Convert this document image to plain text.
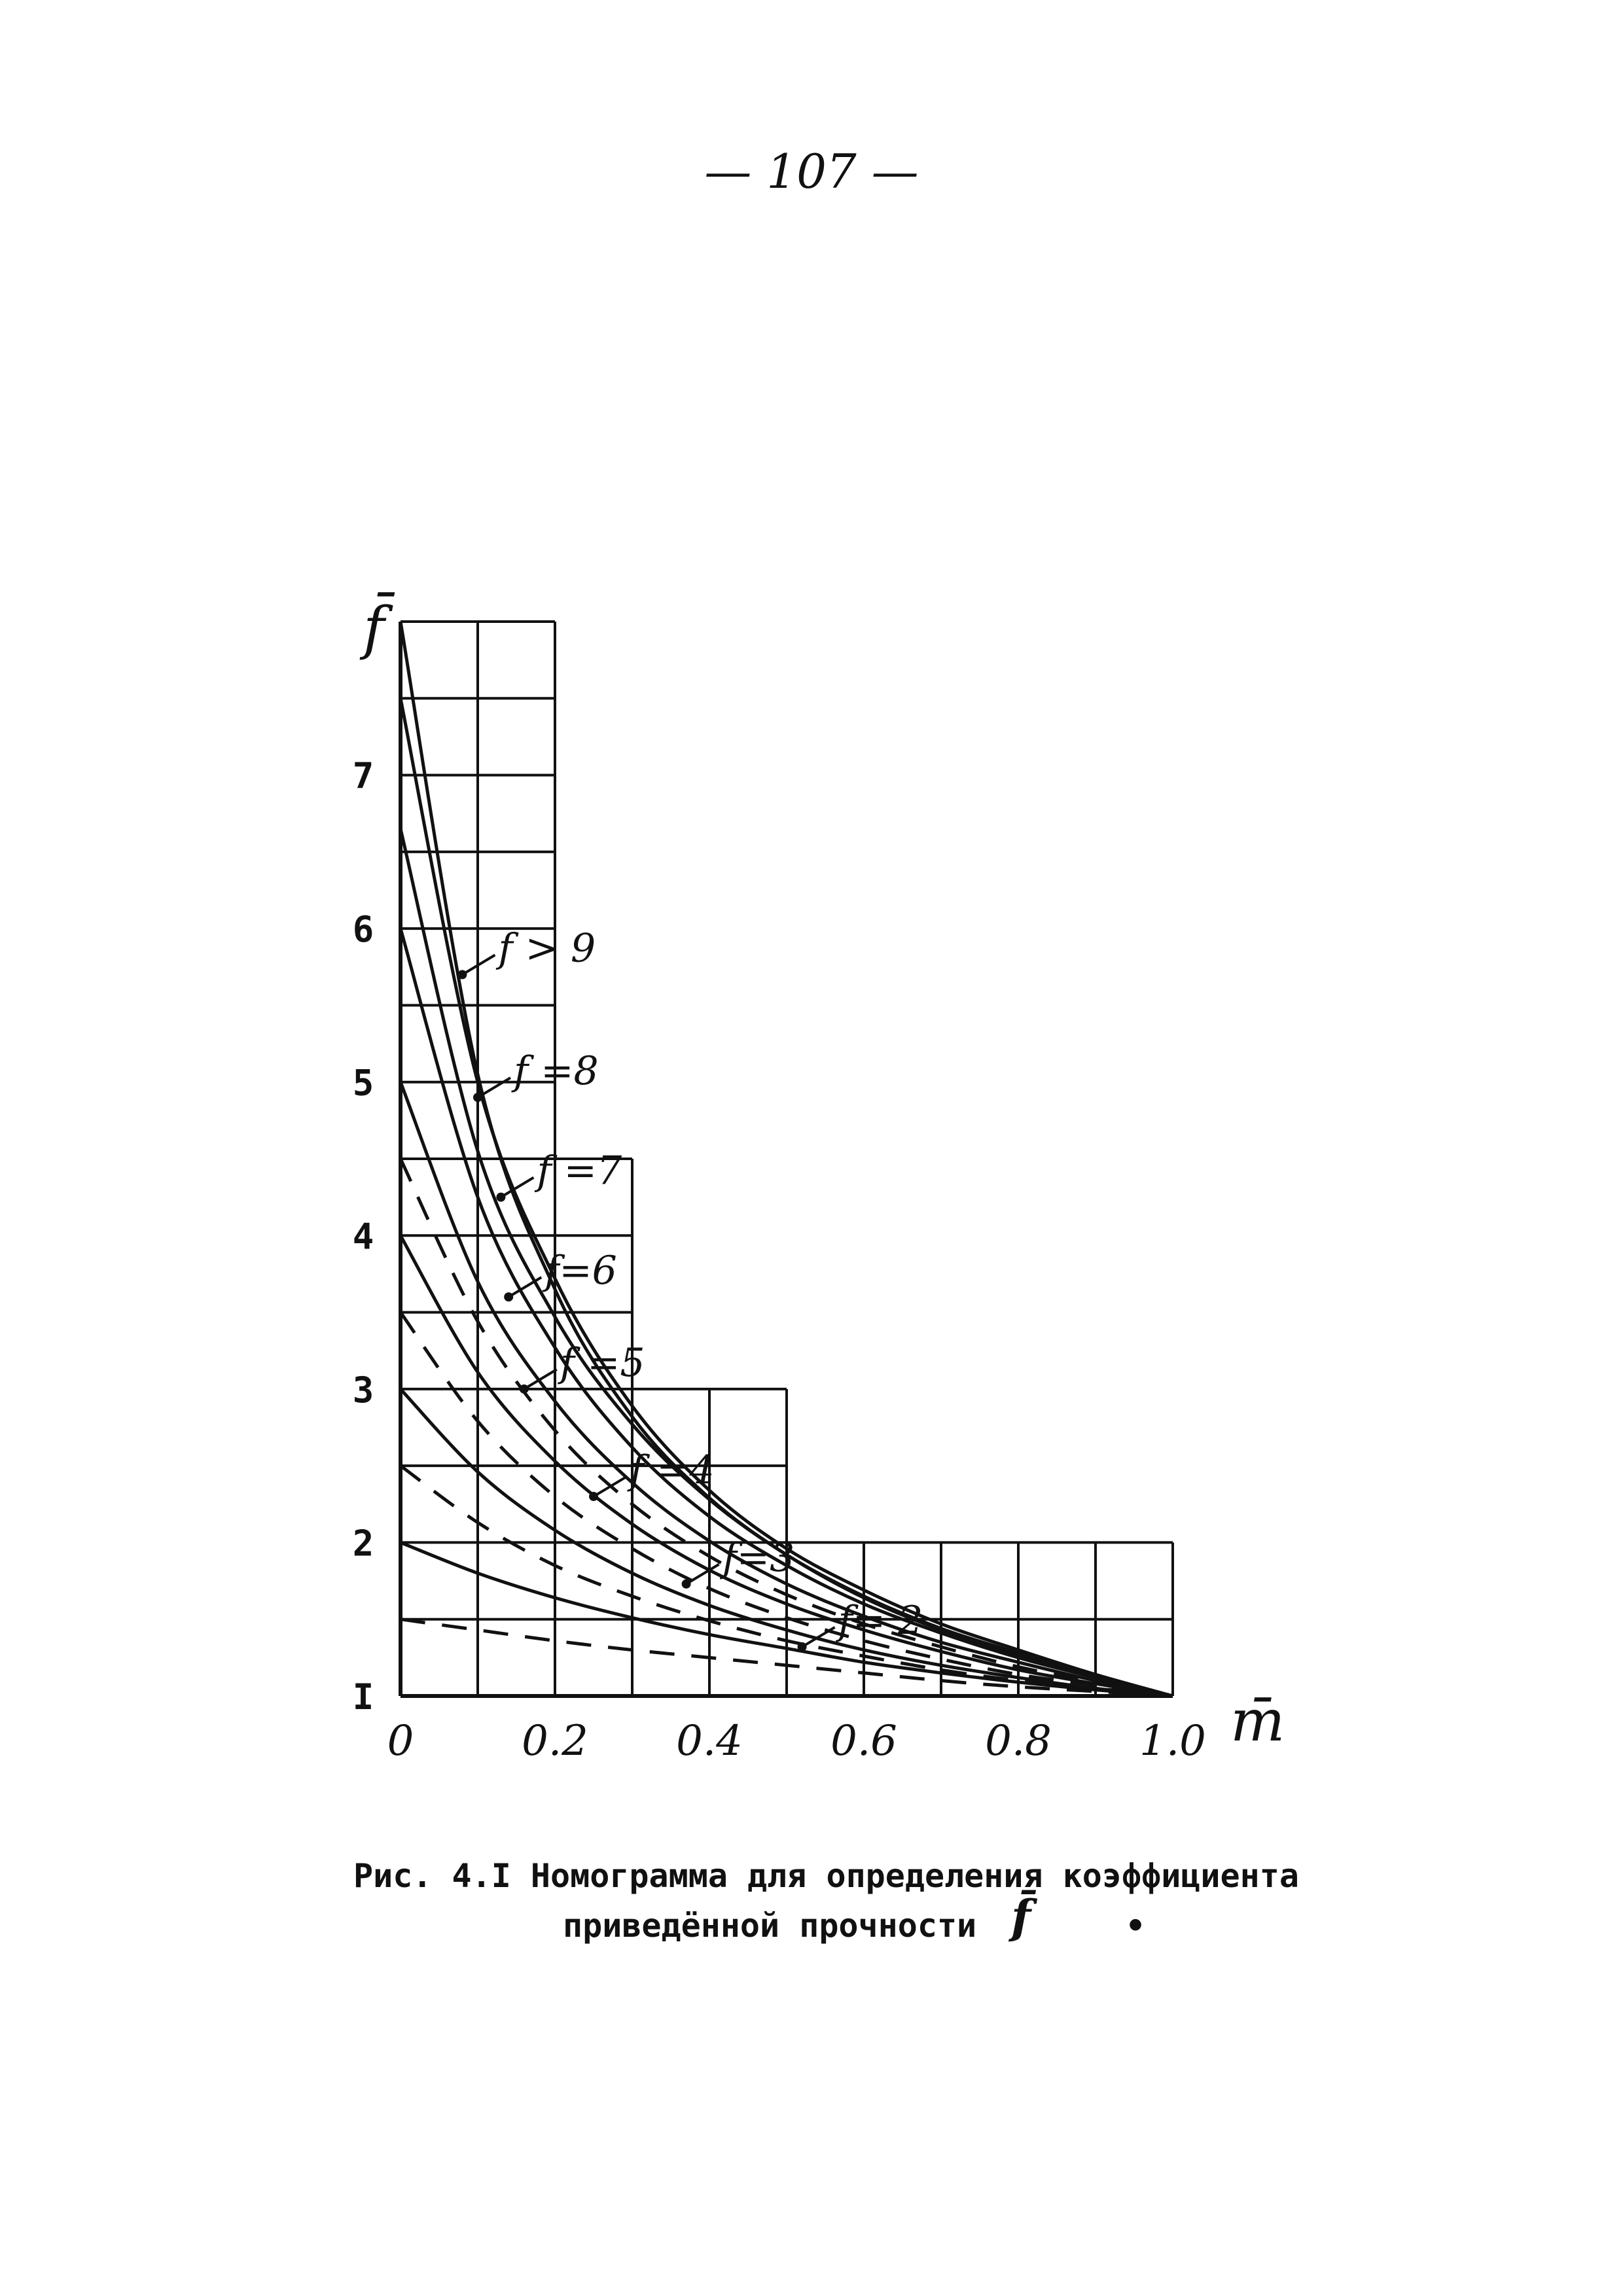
— 107 —
f > 9
f =8
f =7
f=6
f =5
f =4
f=3
f= 2
0	0.2 0.4 0.6 0.8 1.0
I
2
3
4
5
6
7
f̄
m̄
Рис. 4.I Номограмма для определения коэффициента
приведённой прочности f̄	•
